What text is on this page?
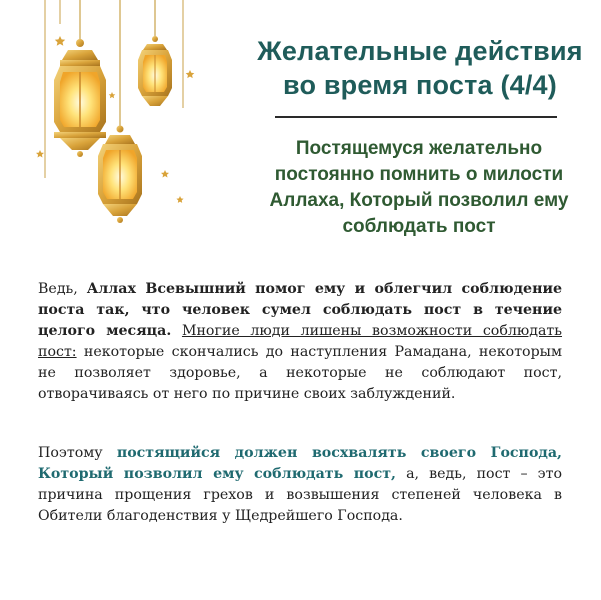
Желательные действия
во время поста (4/4)
Постящемуся желательно
постоянно помнить о милости
Аллаха, Который позволил ему
соблюдать пост
Ведь, Аллах Всевышний помог ему и облегчил соблюдение поста так, что человек сумел соблюдать пост в течение целого месяца. Многие люди лишены возможности соблюдать пост: некоторые скончались до наступления Рамадана, некоторым не позволяет здоровье, а некоторые не соблюдают пост, отворачиваясь от него по причине своих заблуждений.
Поэтому постящийся должен восхвалять своего Господа, Который позволил ему соблюдать пост, а, ведь, пост – это причина прощения грехов и возвышения степеней человека в Обители благоденствия у Щедрейшего Господа.
